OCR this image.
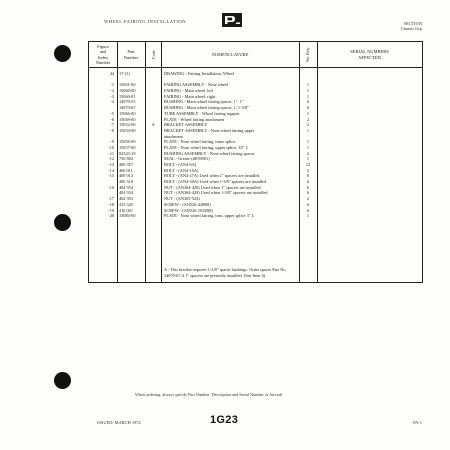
WHEEL FAIRING INSTALLATION	SECTION
Chassis Grp
Figure
and
Index
Number
Part
Number	Code	NOMENCLATURE	No. Req.	SERIAL NUMBERS
AFFECTED
44 17-(1)	DRAWING - Fairing Installation, Wheel
-1 15061-00	FAIRING ASSEMBLY - Nose wheel	1
-2 15060-00	FAIRING - Main wheel, left	1
-3 15060-01	FAIRING - Main wheel, right	1
-4 14970-55	BUSHING - Main wheel fairing spacer, 1", 1"	6
14970-67	BUSHING - Main wheel fairing spacer, 1, 1-3/8"	6
-5 15066-00	TUBE ASSEMBLY - Wheel fairing support	1
-6 15049-00	PLATE - Wheel fairing attachment	2
-7 15052-00	A	BRACKET ASSEMBLY	2
-8 15054-00	BRACKET ASSEMBLY - Nose wheel fairing upper	1
attachment
-9 15056-00	PLATE - Nose wheel fairing, inner splice	1
-10 15057-00	PLATE - Nose wheel fairing, upper splice, 18" L	1
-11 82543-19	BUSHING ASSEMBLY - Nose wheel fairing spacer	2
-12 756 882	SEAL - Grease (#E59001)	1
-13 400 357	BOLT - (AN4-6A)	12
-14 400 011	BOLT - (AN4-10A)	2
-15 400 013	BOLT - (AN4-27A) Used when 1" spacers are installed	6
400 316	BOLT - (AN4-30A) Used when 1-3/8" spacers are installed	6
-16 404 954	NUT - (AN364-428) Used when 1" spacers are installed	6
404 934	NUT - (AN364-428) Used when 1-3/8" spacers are installed	6
-17 404 393	NUT - (AN365-524)	2
-18 415 345	SCREW - (AN526-428R8)	6
-19 416 001	SCREW - (AN526-1032R8)	6
-20 15084-00	PLATE - Nose wheel fairing, trim, upper splice 3" L	1
A - This bracket requires 1-3/8" spacer bushings. Order spacer Part No. 14970-67 if 1" spacers are presently installed. (See Item 4)
When ordering, always specify Part Number, Description and Serial Number of Aircraft
ISSUED: MARCH 1972	1G23	PA-1
